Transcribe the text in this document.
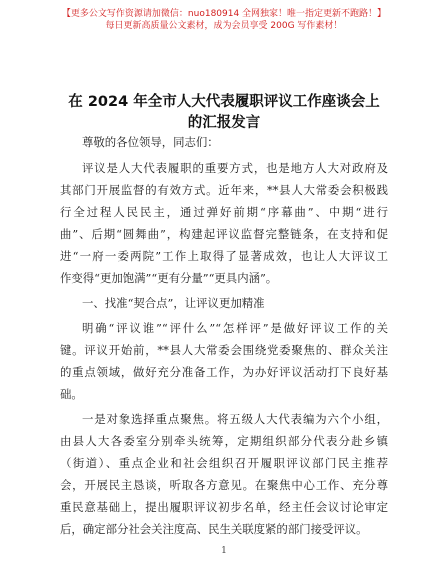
【更多公文写作资源请加微信：nuo180914 全网独家！唯一指定更新不跑路！】
每日更新高质量公文素材，成为会员享受 200G 写作素材！
在 2024 年全市人大代表履职评议工作座谈会上
的汇报发言
尊敬的各位领导，同志们：
评议是人大代表履职的重要方式，也是地方人大对政府及
其部门开展监督的有效方式。近年来，**县人大常委会积极践
行全过程人民民主，通过弹好前期“序幕曲”、中期“进行
曲”、后期“圆舞曲”，构建起评议监督完整链条，在支持和促
进“一府一委两院”工作上取得了显著成效，也让人大评议工
作变得“更加饱满”“更有分量”“更具内涵”。
一、找准“契合点”，让评议更加精准
明确“评议谁”“评什么”“怎样评”是做好评议工作的关
键。评议开始前，**县人大常委会围绕党委聚焦的、群众关注
的重点领域，做好充分准备工作，为办好评议活动打下良好基
础。
一是对象选择重点聚焦。将五级人大代表编为六个小组，
由县人大各委室分别牵头统筹，定期组织部分代表分赴乡镇
（街道）、重点企业和社会组织召开履职评议部门民主推荐
会，开展民主恳谈，听取各方意见。在聚焦中心工作、充分尊
重民意基础上，提出履职评议初步名单，经主任会议讨论审定
后，确定部分社会关注度高、民生关联度紧的部门接受评议。
1
